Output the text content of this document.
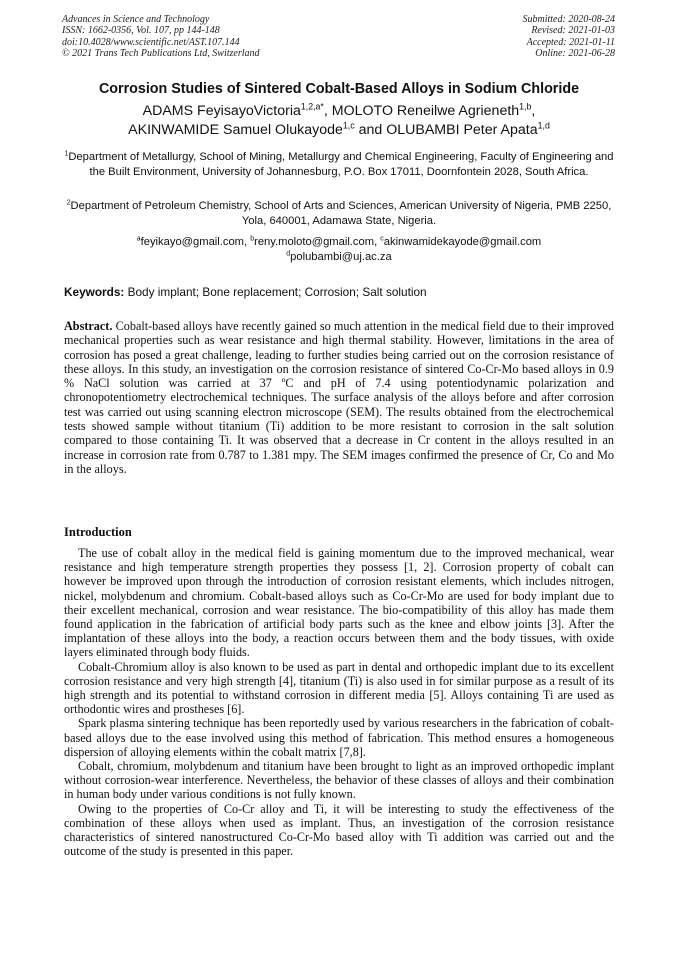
Advances in Science and Technology
ISSN: 1662-0356, Vol. 107, pp 144-148
doi:10.4028/www.scientific.net/AST.107.144
© 2021 Trans Tech Publications Ltd, Switzerland
Submitted: 2020-08-24
Revised: 2021-01-03
Accepted: 2021-01-11
Online: 2021-06-28
Corrosion Studies of Sintered Cobalt-Based Alloys in Sodium Chloride
ADAMS FeyisayoVictoria$^{1,2,a*}$, MOLOTO Reneilwe Agrieneth$^{1,b}$,
AKINWAMIDE Samuel Olukayode$^{1,c}$ and OLUBAMBI Peter Apata$^{1,d}$
$^1$Department of Metallurgy, School of Mining, Metallurgy and Chemical Engineering, Faculty of Engineering and the Built Environment, University of Johannesburg, P.O. Box 17011, Doornfontein 2028, South Africa.
$^2$Department of Petroleum Chemistry, School of Arts and Sciences, American University of Nigeria, PMB 2250, Yola, 640001, Adamawa State, Nigeria.
$^a$feyikayo@gmail.com, $^b$reny.moloto@gmail.com, $^c$akinwamidekayode@gmail.com
$^d$polubambi@uj.ac.za
Keywords: Body implant; Bone replacement; Corrosion; Salt solution
Abstract. Cobalt-based alloys have recently gained so much attention in the medical field due to their improved mechanical properties such as wear resistance and high thermal stability. However, limitations in the area of corrosion has posed a great challenge, leading to further studies being carried out on the corrosion resistance of these alloys. In this study, an investigation on the corrosion resistance of sintered Co-Cr-Mo based alloys in 0.9 % NaCl solution was carried at 37 ºC and pH of 7.4 using potentiodynamic polarization and chronopotentiometry electrochemical techniques. The surface analysis of the alloys before and after corrosion test was carried out using scanning electron microscope (SEM). The results obtained from the electrochemical tests showed sample without titanium (Ti) addition to be more resistant to corrosion in the salt solution compared to those containing Ti. It was observed that a decrease in Cr content in the alloys resulted in an increase in corrosion rate from 0.787 to 1.381 mpy. The SEM images confirmed the presence of Cr, Co and Mo in the alloys.
Introduction

The use of cobalt alloy in the medical field is gaining momentum due to the improved mechanical, wear resistance and high temperature strength properties they possess [1, 2]. Corrosion property of cobalt can however be improved upon through the introduction of corrosion resistant elements, which includes nitrogen, nickel, molybdenum and chromium. Cobalt-based alloys such as Co-Cr-Mo are used for body implant due to their excellent mechanical, corrosion and wear resistance. The bio-compatibility of this alloy has made them found application in the fabrication of artificial body parts such as the knee and elbow joints [3]. After the implantation of these alloys into the body, a reaction occurs between them and the body tissues, with oxide layers eliminated through body fluids.

Cobalt-Chromium alloy is also known to be used as part in dental and orthopedic implant due to its excellent corrosion resistance and very high strength [4], titanium (Ti) is also used in for similar purpose as a result of its high strength and its potential to withstand corrosion in different media [5]. Alloys containing Ti are used as orthodontic wires and prostheses [6].

Spark plasma sintering technique has been reportedly used by various researchers in the fabrication of cobalt-based alloys due to the ease involved using this method of fabrication. This method ensures a homogeneous dispersion of alloying elements within the cobalt matrix [7,8].

Cobalt, chromium, molybdenum and titanium have been brought to light as an improved orthopedic implant without corrosion-wear interference. Nevertheless, the behavior of these classes of alloys and their combination in human body under various conditions is not fully known.

Owing to the properties of Co-Cr alloy and Ti, it will be interesting to study the effectiveness of the combination of these alloys when used as implant. Thus, an investigation of the corrosion resistance characteristics of sintered nanostructured Co-Cr-Mo based alloy with Ti addition was carried out and the outcome of the study is presented in this paper.
